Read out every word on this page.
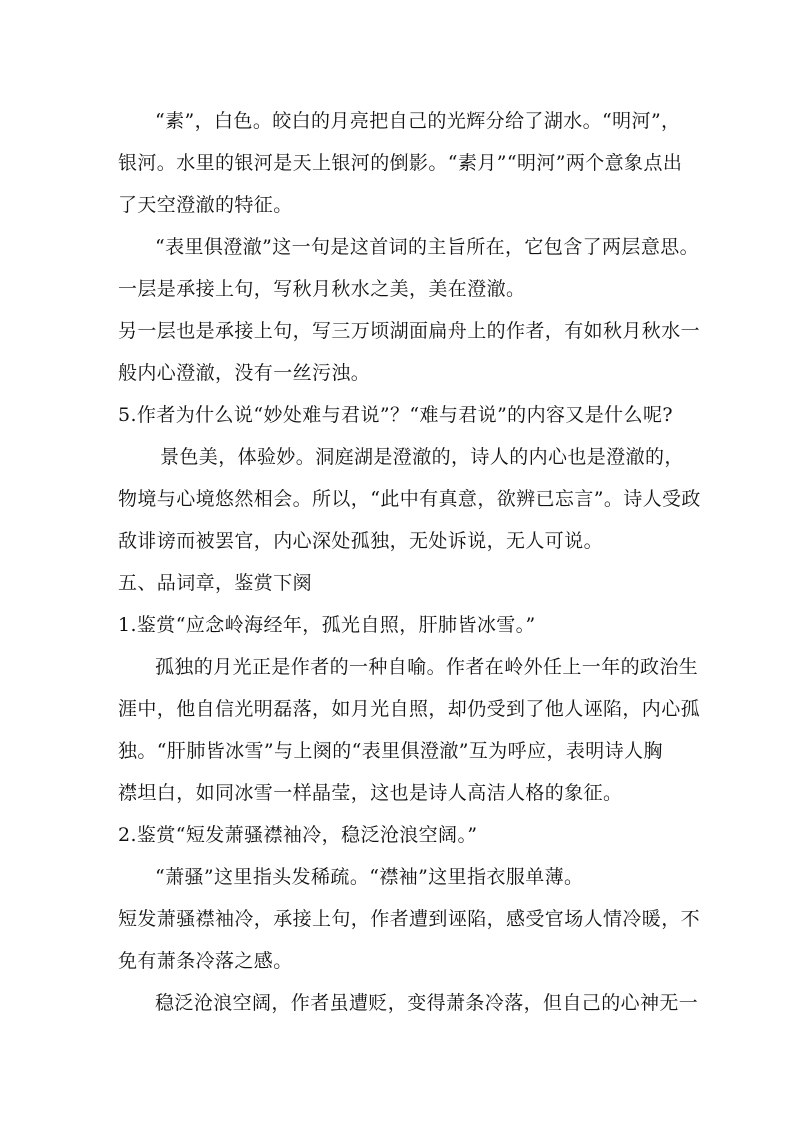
“素”，白色。皎白的月亮把自己的光辉分给了湖水。“明河”，
银河。水里的银河是天上银河的倒影。“素月”“明河”两个意象点出
了天空澄澈的特征。
“表里俱澄澈”这一句是这首词的主旨所在，它包含了两层意思。
一层是承接上句，写秋月秋水之美，美在澄澈。
另一层也是承接上句，写三万顷湖面扁舟上的作者，有如秋月秋水一
般内心澄澈，没有一丝污浊。
5.作者为什么说“妙处难与君说”？“难与君说”的内容又是什么呢?
景色美，体验妙。洞庭湖是澄澈的，诗人的内心也是澄澈的，
物境与心境悠然相会。所以，“此中有真意，欲辨已忘言”。诗人受政
敌诽谤而被罢官，内心深处孤独，无处诉说，无人可说。
五、品词章，鉴赏下阕
1.鉴赏“应念岭海经年，孤光自照，肝肺皆冰雪。”
孤独的月光正是作者的一种自喻。作者在岭外任上一年的政治生
涯中，他自信光明磊落，如月光自照，却仍受到了他人诬陷，内心孤
独。“肝肺皆冰雪”与上阕的“表里俱澄澈”互为呼应，表明诗人胸
襟坦白，如同冰雪一样晶莹，这也是诗人高洁人格的象征。
2.鉴赏“短发萧骚襟袖冷，稳泛沧浪空阔。”
“萧骚”这里指头发稀疏。“襟袖”这里指衣服单薄。
短发萧骚襟袖冷，承接上句，作者遭到诬陷，感受官场人情冷暖，不
免有萧条冷落之感。
稳泛沧浪空阔，作者虽遭贬，变得萧条冷落，但自己的心神无一
